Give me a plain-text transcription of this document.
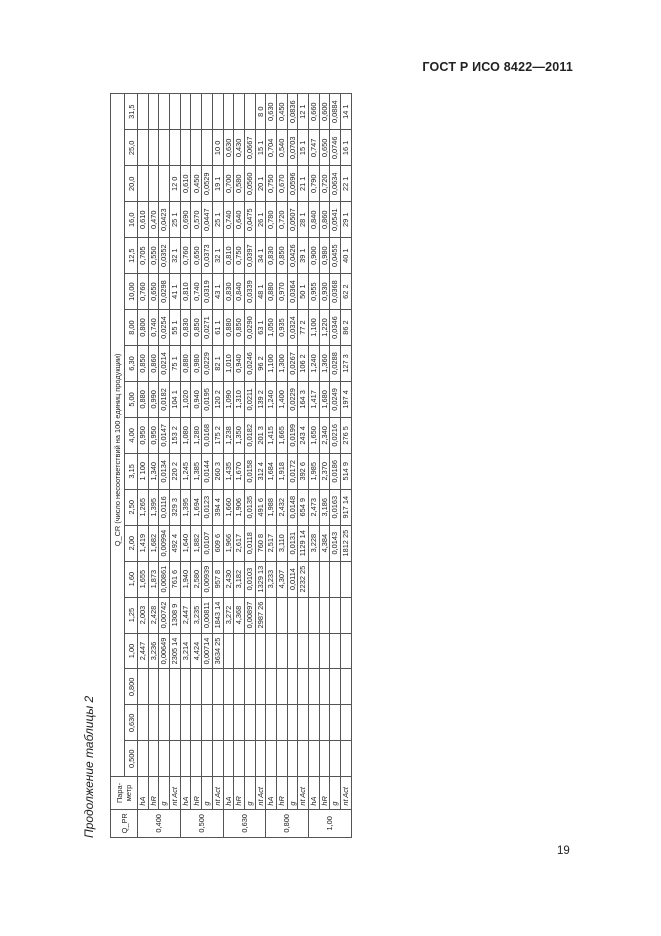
ГОСТ Р ИСО 8422—2011
Продолжение таблицы 2	Q_PR	Пара- метр	Q_CR (число несоответствий на 100 единиц продукции)																		
		0,500	0,630	0,800	1,00	1,25	1,60	2,00	2,50	3,15	4,00	5,00	6,30	8,00	10,00	12,5	16,0	20,0	25,0	31,5
0,400	hA				2,447	2,003	1,655	1,419	1,265	1 100	0,950	0,880	0,850	0,800	0,760	0,705	0,610			
	hR				3,236	2,428	1,873	1,682	1,395	1,340	0,950	0,990	0,860	0,740	0,650	0,550	0,470			
	g				0,00649	0,00742	0,00861	0,00994	0,0116	0,0134	0,0147	0,0182	0,0214	0,0254	0,0298	0,0352	0,0423			
	nt Act				2305 14	1308 9	761 6	492 4	329 3	220 2	153 2	104 1	75 1	55 1	41 1	32 1	25 1	12 0		
0,500	hA				3,214	2,447	1,940	1,640	1,395	1,245	1,080	1,020	0,880	0,830	0,810	0,760	0,690	0,610		
	hR				4,424	3,235	2,580	1,882	1,694	1,385	1,280	0,940	0,980	0,850	0,740	0,650	0,570	0,450		
	g				0,00714	0,00811	0,00939	0,0107	0,0123	0,0144	0,0168	0,0195	0,0229	0,0271	0,0319	0,0373	0,0447	0,0529		
	nt Act				3634 25	1843 14	957 8	609 6	394 4	260 3	175 2	120 2	82 1	61 1	43 1	32 1	25 1	19 1	10 0	
0,630	hA					3,272	2,430	1,966	1,660	1,435	1,238	1,090	1,010	0,880	0,830	0,810	0,740	0,700	0,630	
	hR					4,368	3,182	2,617	1,906	1,670	1,350	1,310	0,940	0,850	0,840	0,750	0,640	0,580	0,430	
	g					0,00897	0,0103	0,0118	0,0135	0,0158	0,0182	0,0211	0,0246	0,0290	0,0339	0,0397	0,0475	0,0560	0,0667	
	nt Act					2987 26	1329 13	760 8	491 6	312 4	201 3	139 2	96 2	63 1	48 1	34 1	26 1	20 1	15 1	8 0
0,800	hA						3,233	2,517	1,988	1,684	1,415	1,240	1,100	1,050	0,880	0,830	0,780	0,750	0,704	0,630
	hR						4,307	3,110	2,432	1,918	1,665	1,400	1,300	0,935	0,970	0,850	0,720	0,670	0,540	0,450
	g						0,0114	0,0131	0,0148	0,0172	0,0199	0,0229	0,0267	0,0324	0,0364	0,0426	0,0507	0,0596	0,0703	0,0836
	nt Act						2232 25	1129 14	654 9	392 6	243 4	164 3	106 2	77 2	50 1	39 1	28 1	21 1	15 1	12 1
1,00	hA							3,228	2,473	1,985	1,650	1,417	1,240	1,100	0,955	0,900	0,840	0,790	0,747	0,660
	hR							4,384	3,186	2,370	2,340	1,680	1,360	1,220	0,930	0,980	0,860	0,720	0,650	0,600
	g							0,0143	0,0163	0,0186	0,0216	0,0249	0,0288	0,0346	0,0368	0,0455	0,0541	0,0634	0,0746	0,0884
	nt Act							1812 25	917 14	514 9	276 5	197 4	127 3	86 2	62 2	40 1	29 1	22 1	16 1	14 1
19
